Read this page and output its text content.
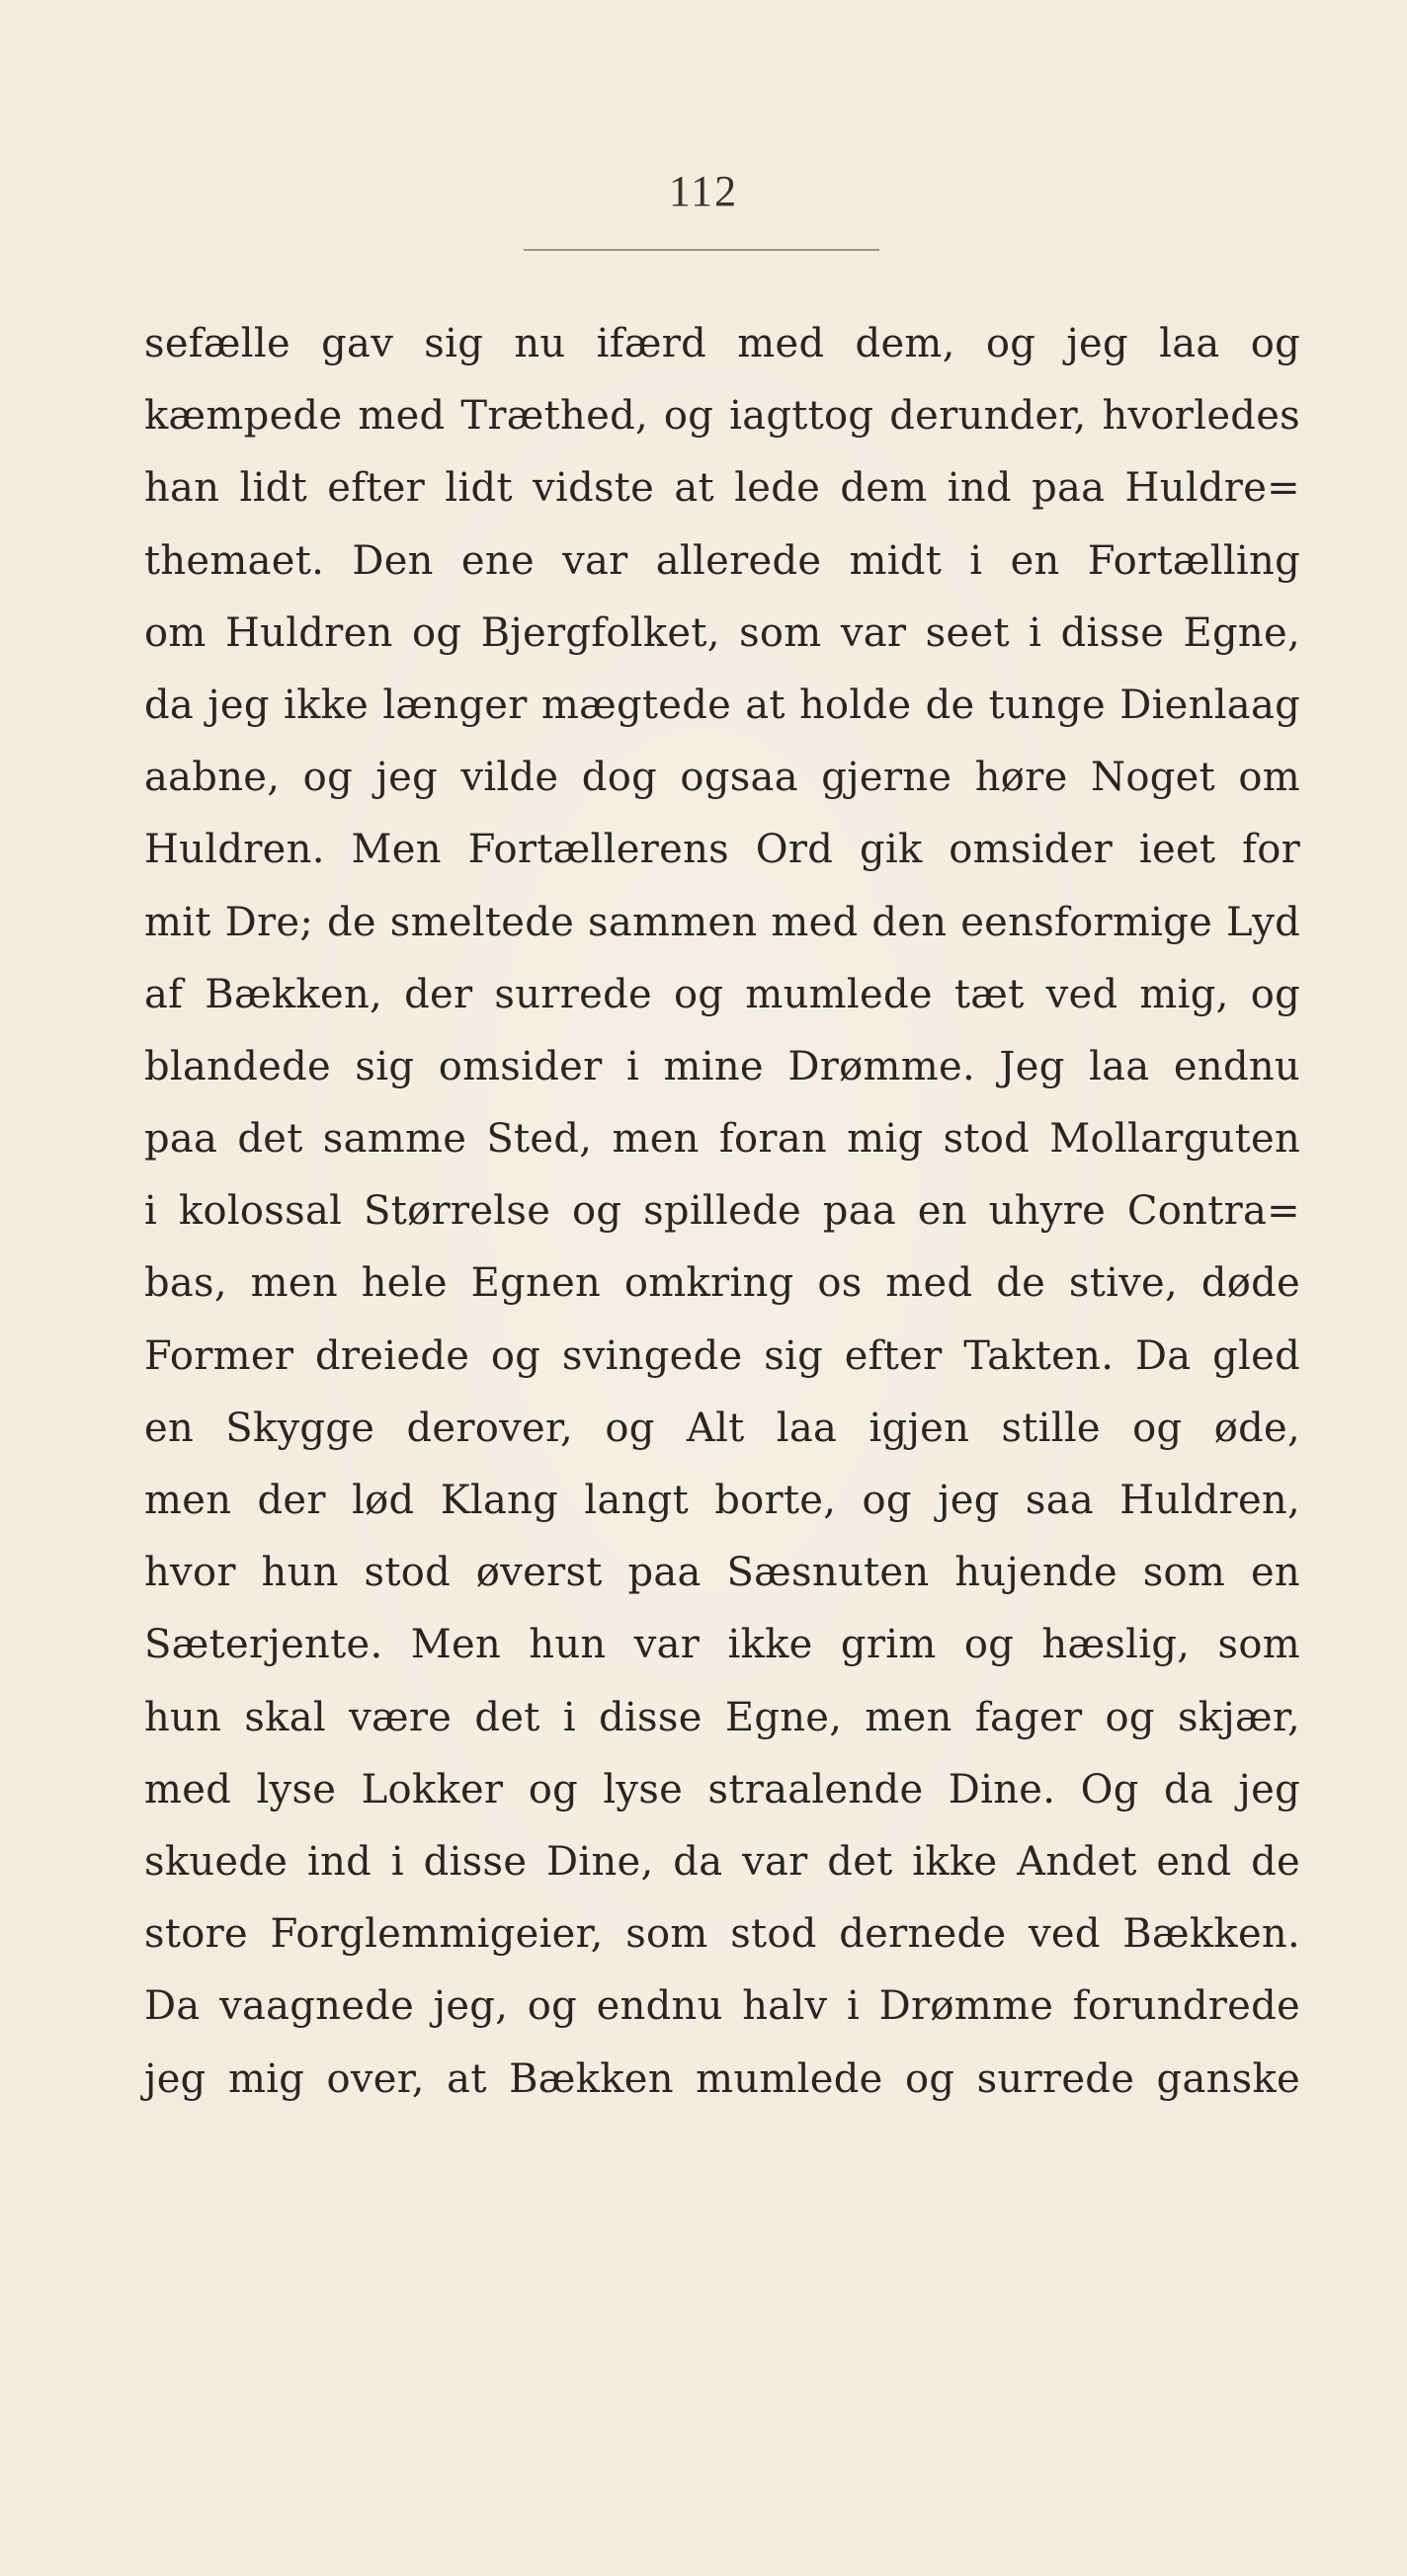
112
sefælle gav sig nu ifærd med dem, og jeg laa og
kæmpede med Træthed, og iagttog derunder, hvorledes
han lidt efter lidt vidste at lede dem ind paa Huldre=
themaet. Den ene var allerede midt i en Fortælling
om Huldren og Bjergfolket, som var seet i disse Egne,
da jeg ikke længer mægtede at holde de tunge Dienlaag
aabne, og jeg vilde dog ogsaa gjerne høre Noget om
Huldren. Men Fortællerens Ord gik omsider ieet for
mit Dre; de smeltede sammen med den eensformige Lyd
af Bækken, der surrede og mumlede tæt ved mig, og
blandede sig omsider i mine Drømme. Jeg laa endnu
paa det samme Sted, men foran mig stod Mollarguten
i kolossal Størrelse og spillede paa en uhyre Contra=
bas, men hele Egnen omkring os med de stive, døde
Former dreiede og svingede sig efter Takten. Da gled
en Skygge derover, og Alt laa igjen stille og øde,
men der lød Klang langt borte, og jeg saa Huldren,
hvor hun stod øverst paa Sæsnuten hujende som en
Sæterjente. Men hun var ikke grim og hæslig, som
hun skal være det i disse Egne, men fager og skjær,
med lyse Lokker og lyse straalende Dine. Og da jeg
skuede ind i disse Dine, da var det ikke Andet end de
store Forglemmigeier, som stod dernede ved Bækken.
Da vaagnede jeg, og endnu halv i Drømme forundrede
jeg mig over, at Bækken mumlede og surrede ganske
